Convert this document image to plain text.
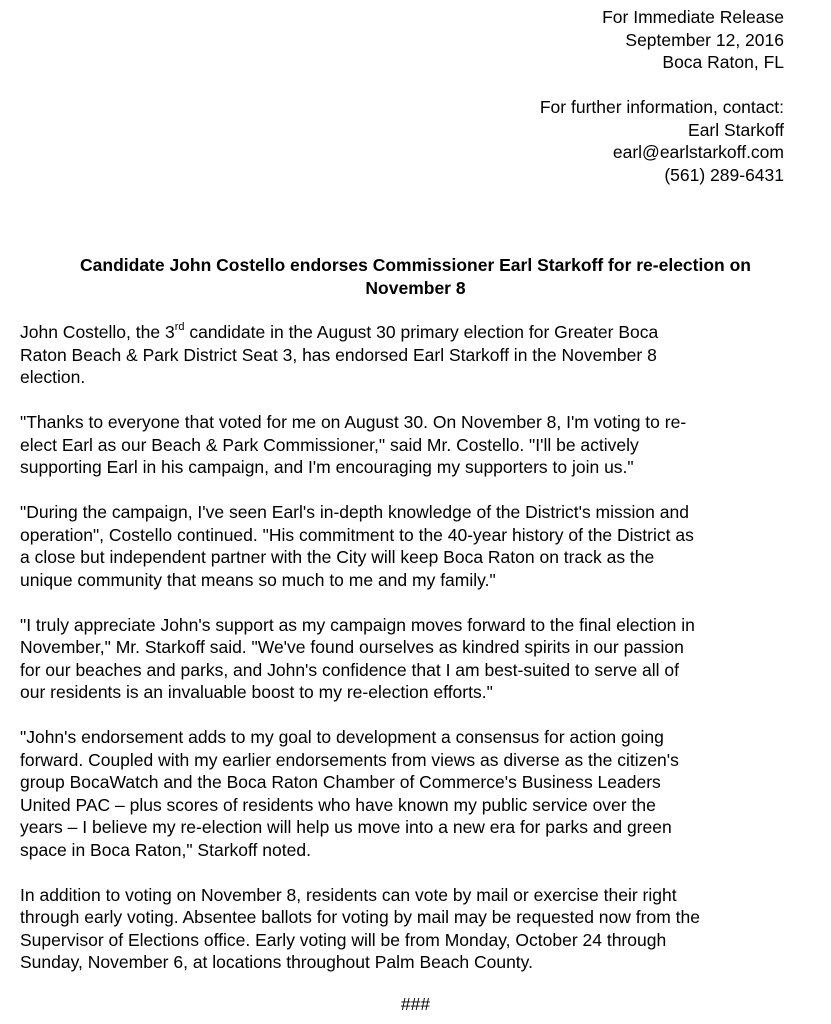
For Immediate Release
September 12, 2016
Boca Raton, FL
For further information, contact:
Earl Starkoff
earl@earlstarkoff.com
(561) 289-6431
Candidate John Costello endorses Commissioner Earl Starkoff for re-election on
November 8

John Costello, the 3rd candidate in the August 30 primary election for Greater Boca
Raton Beach & Park District Seat 3, has endorsed Earl Starkoff in the November 8
election.

"Thanks to everyone that voted for me on August 30. On November 8, I'm voting to re-
elect Earl as our Beach & Park Commissioner," said Mr. Costello. "I'll be actively
supporting Earl in his campaign, and I'm encouraging my supporters to join us."

"During the campaign, I've seen Earl's in-depth knowledge of the District's mission and
operation", Costello continued. "His commitment to the 40-year history of the District as
a close but independent partner with the City will keep Boca Raton on track as the
unique community that means so much to me and my family."

"I truly appreciate John's support as my campaign moves forward to the final election in
November," Mr. Starkoff said. "We've found ourselves as kindred spirits in our passion
for our beaches and parks, and John's confidence that I am best-suited to serve all of
our residents is an invaluable boost to my re-election efforts."

"John's endorsement adds to my goal to development a consensus for action going
forward. Coupled with my earlier endorsements from views as diverse as the citizen's
group BocaWatch and the Boca Raton Chamber of Commerce's Business Leaders
United PAC – plus scores of residents who have known my public service over the
years – I believe my re-election will help us move into a new era for parks and green
space in Boca Raton," Starkoff noted.

In addition to voting on November 8, residents can vote by mail or exercise their right
through early voting. Absentee ballots for voting by mail may be requested now from the
Supervisor of Elections office. Early voting will be from Monday, October 24 through
Sunday, November 6, at locations throughout Palm Beach County.

###
